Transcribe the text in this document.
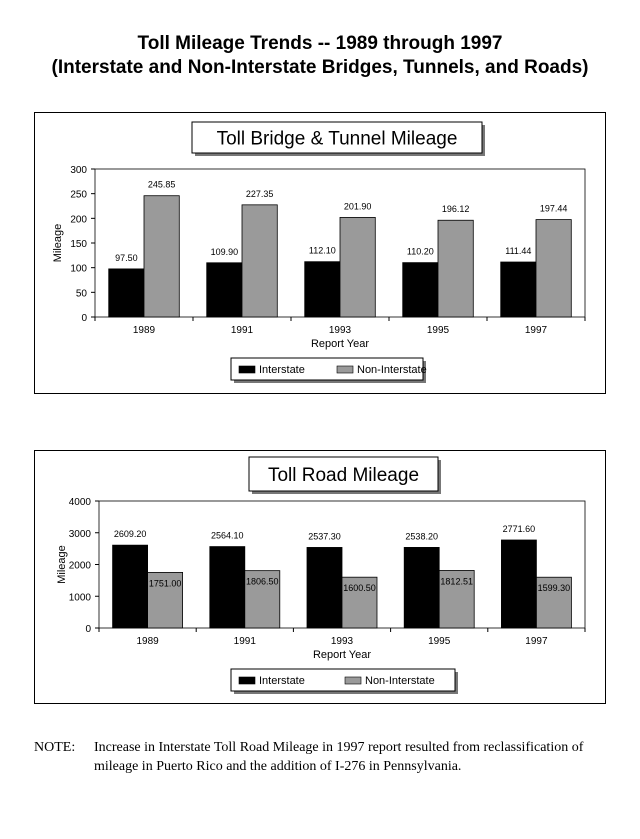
Toll Mileage Trends -- 1989 through 1997
(Interstate and Non-Interstate Bridges, Tunnels, and Roads)
Toll Bridge & Tunnel Mileage
0
50
100
150
200
250
300
1989
97.50
245.85
1991
109.90
227.35
1993
112.10
201.90
1995
110.20
196.12
1997
111.44
197.44
Report Year
Mileage
Interstate	Non-Interstate
Toll Road Mileage
0
1000
2000
3000
4000
1989
2609.20
1751.00
1991
2564.10
1806.50
1993
2537.30
1600.50
1995
2538.20
1812.51
1997
2771.60
1599.30
Report Year
Mileage
Interstate	Non-Interstate
NOTE: Increase in Interstate Toll Road Mileage in 1997 report resulted from reclassification of mileage in Puerto Rico and the addition of I-276 in Pennsylvania.
